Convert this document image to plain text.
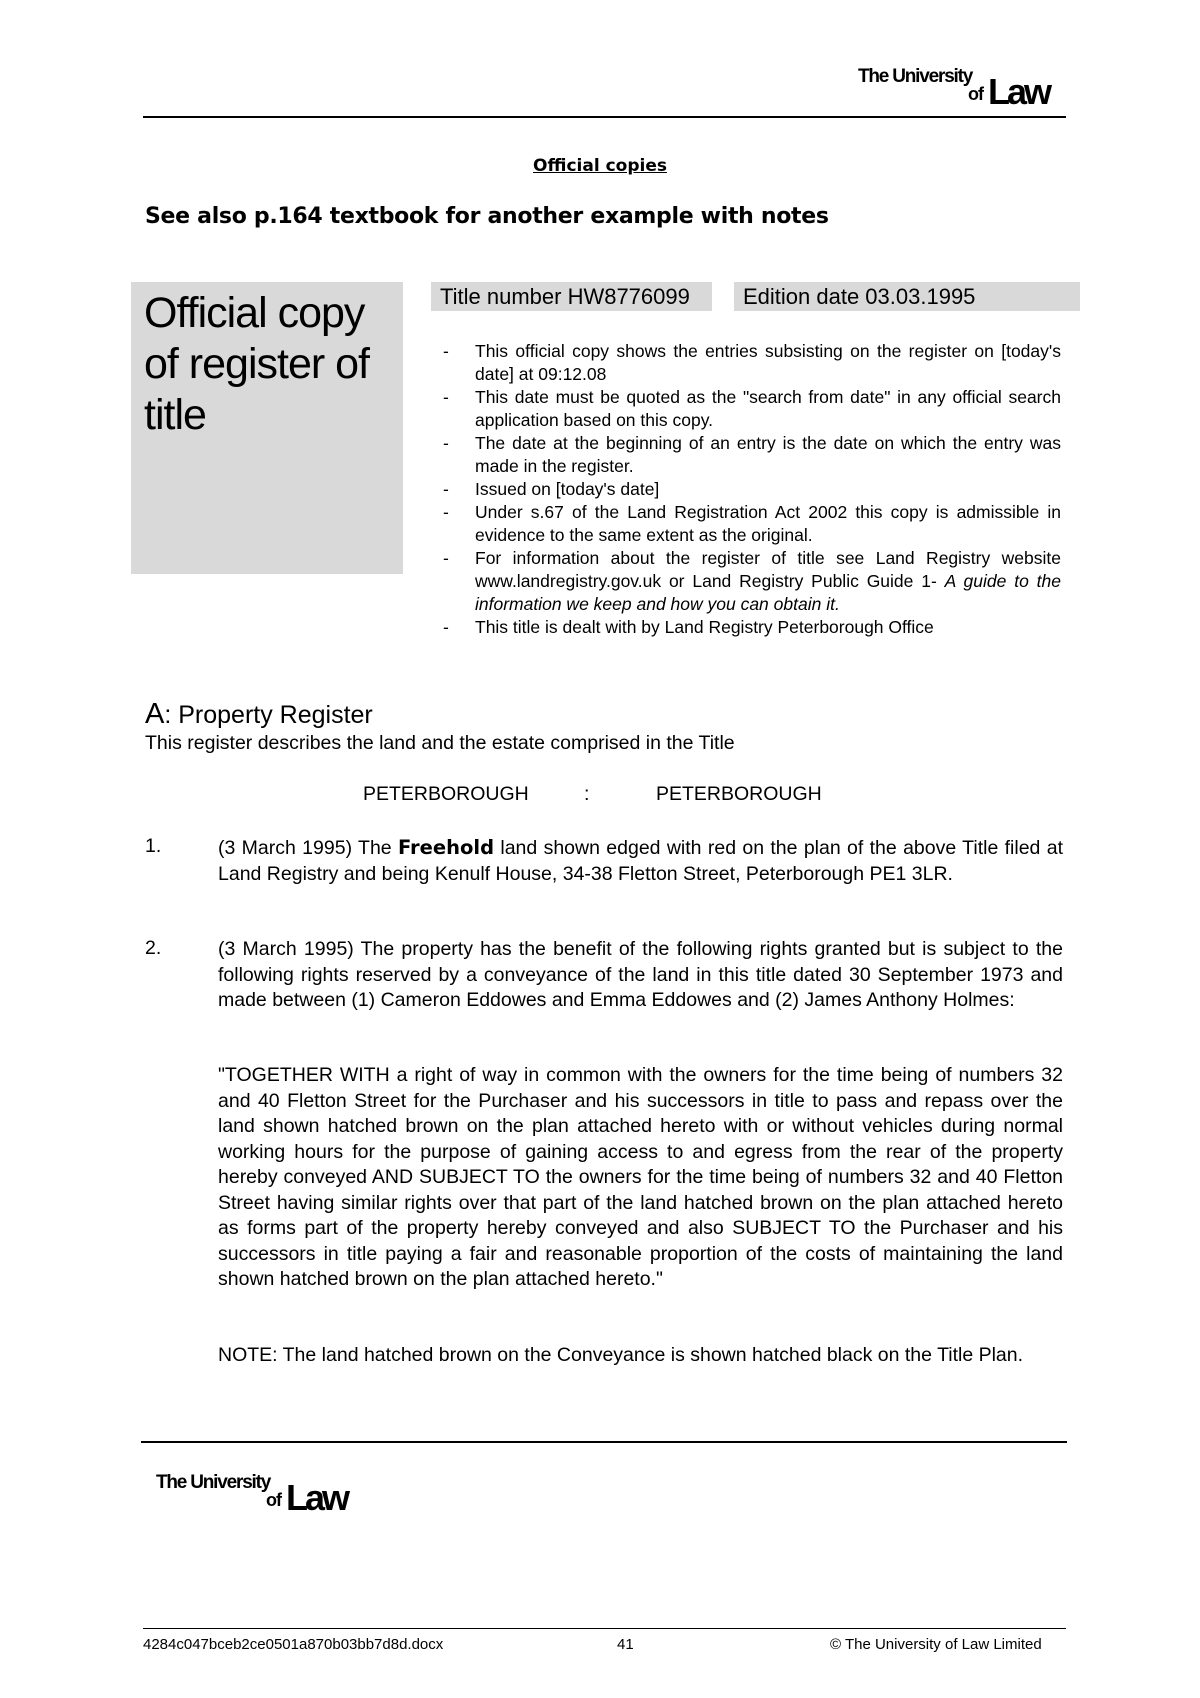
The University
of Law
Official copies
See also p.164 textbook for another example with notes
Official copy of register of title
Title number HW8776099	Edition date 03.03.1995
- This official copy shows the entries subsisting on the register on [today's date] at 09:12.08
- This date must be quoted as the "search from date" in any official search application based on this copy.
- The date at the beginning of an entry is the date on which the entry was made in the register.
- Issued on [today's date]
- Under s.67 of the Land Registration Act 2002 this copy is admissible in evidence to the same extent as the original.
- For information about the register of title see Land Registry website www.landregistry.gov.uk or Land Registry Public Guide 1- A guide to the information we keep and how you can obtain it.
- This title is dealt with by Land Registry Peterborough Office
A: Property Register
This register describes the land and the estate comprised in the Title
PETERBOROUGH	:	PETERBOROUGH
1.	(3 March 1995) The Freehold land shown edged with red on the plan of the above Title filed at Land Registry and being Kenulf House, 34-38 Fletton Street, Peterborough PE1 3LR.
2.	(3 March 1995) The property has the benefit of the following rights granted but is subject to the following rights reserved by a conveyance of the land in this title dated 30 September 1973 and made between (1) Cameron Eddowes and Emma Eddowes and (2) James Anthony Holmes:
"TOGETHER WITH a right of way in common with the owners for the time being of numbers 32 and 40 Fletton Street for the Purchaser and his successors in title to pass and repass over the land shown hatched brown on the plan attached hereto with or without vehicles during normal working hours for the purpose of gaining access to and egress from the rear of the property hereby conveyed AND SUBJECT TO the owners for the time being of numbers 32 and 40 Fletton Street having similar rights over that part of the land hatched brown on the plan attached hereto as forms part of the property hereby conveyed and also SUBJECT TO the Purchaser and his successors in title paying a fair and reasonable proportion of the costs of maintaining the land shown hatched brown on the plan attached hereto."
NOTE: The land hatched brown on the Conveyance is shown hatched black on the Title Plan.
The University
of Law
4284c047bceb2ce0501a870b03bb7d8d.docx	41	© The University of Law Limited
